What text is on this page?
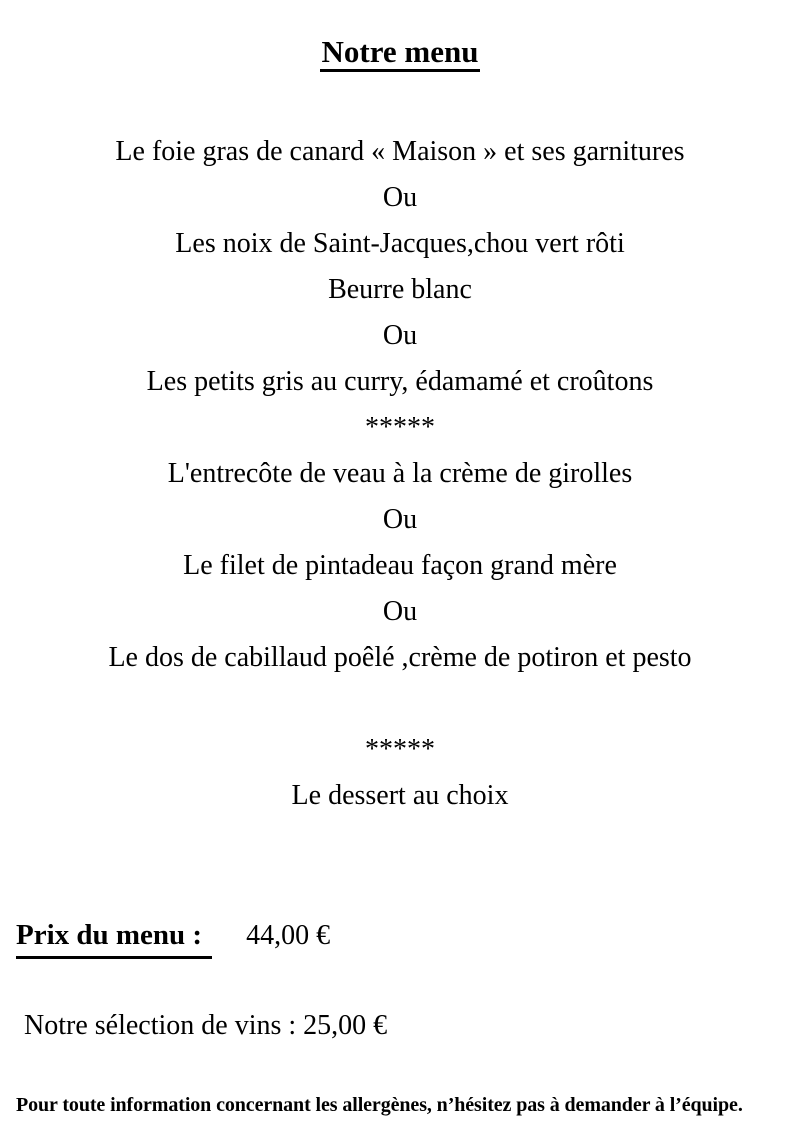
Notre menu
Le foie gras de canard « Maison » et ses garnitures
Ou
Les noix de Saint-Jacques,chou vert rôti
Beurre blanc
Ou
Les petits gris au curry, édamamé et croûtons
*****
L'entrecôte de veau à la crème de girolles
Ou
Le filet de pintadeau façon grand mère
Ou
Le dos de cabillaud poêlé ,crème de potiron et pesto

*****
Le dessert au choix
Prix du menu : 44,00 €
Notre sélection de vins : 25,00 €
Pour toute information concernant les allergènes, n’hésitez pas à demander à l’équipe.
